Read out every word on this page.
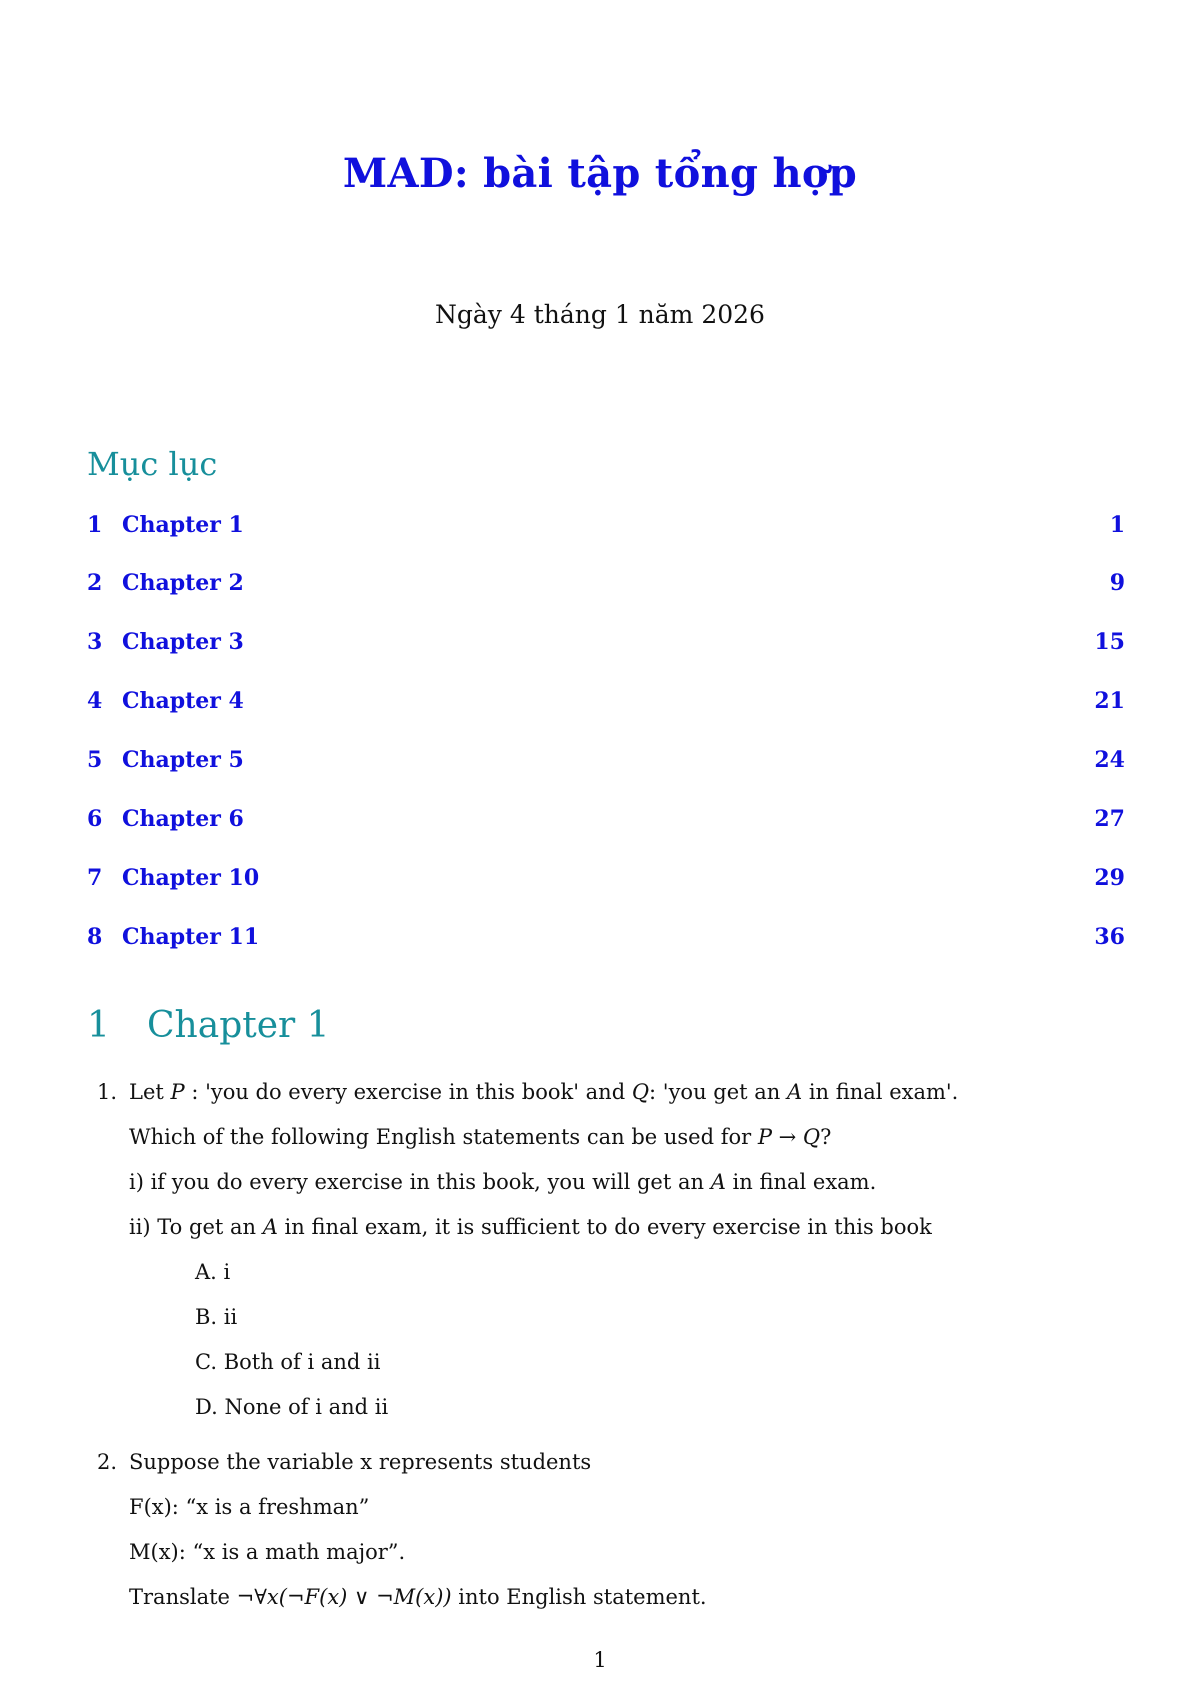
MAD: bài tập tổng hợp
Ngày 4 tháng 1 năm 2026
Mục lục
1 Chapter 1	1
2 Chapter 2	9
3 Chapter 3	15
4 Chapter 4	21
5 Chapter 5	24
6 Chapter 6	27
7 Chapter 10	29
8 Chapter 11	36
1 Chapter 1
1. Let P : 'you do every exercise in this book' and Q: 'you get an A in final exam'.
Which of the following English statements can be used for P → Q?
i) if you do every exercise in this book, you will get an A in final exam.
ii) To get an A in final exam, it is sufficient to do every exercise in this book
A. i
B. ii
C. Both of i and ii
D. None of i and ii
2. Suppose the variable x represents students
F(x): “x is a freshman”
M(x): “x is a math major”.
Translate ¬∀x(¬F(x) ∨ ¬M(x)) into English statement.
1
